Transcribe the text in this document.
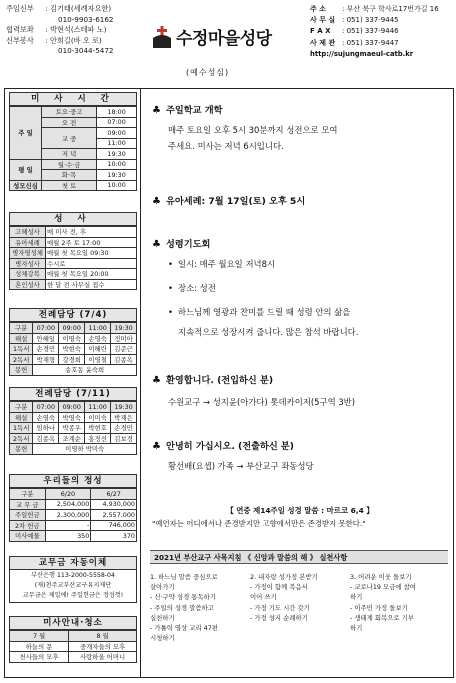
주임신부 : 김기태(세례자요한)
010-9903-6162
협력보좌 : 박현석(스테파 노)
신부봉사 : 안희길(바 오 로)
010-3044-5472
수정마을성당
(예수성심)
주 소 : 부산 북구 학사로17번가길 16
사 무 실 : 051) 337-9445
F A X : 051) 337-9446
사 제 관 : 051) 337-9447
http://sujungmaeul-catb.kr
미 사 시 간
주 일	토요·중고	18:00
	오 전	07:00
	교 중	09:00
		11:00
	저 녁	19:30
평 일	월·수·금	10:00
	화·목	19:30
성모신심	첫 토	10:00
성 사
고해성사	매 미사 전, 후
유아세례	매월 2주 토 17:00
병자영성체	매월 첫 목요일 09:30
병자성사	수시로
성체강복	매월 첫 목요일 20:00
혼인성사	한 달 전 사무실 접수
전례담당 (7/4)
구분	07:00	09:00	11:00	19:30
해설	안혜일	이명숙	손영숙	정미아
1독서	손경민	박현숙	이혜란	김준근
2독서	박재형	강경희	이영철	김종옥
봉헌	송호동 윤숙희			
전례담당 (7/11)
구분	07:00	09:00	11:00	19:30
해설	손영숙	박영숙	이미숙	박재은
1독서	임하나	박종우	박현호	손경민
2독서	김종옥	조계순	홍정선	김보경
봉헌	이영하 박미숙			
우리들의 정성
구분	6/20	6/27
교 무 금	2,504,000	4,930,000
주일헌금	2,300,000	2,557,000
2차 헌금	-	746,000
미사예물	350	370
교무금 자동이체
부산은행 113-2000-5558-04
(재)천주교부산교구유지재단
교무금은 제일에! 주일헌금은 정성껏!
미사안내·청소
7 월	8 월
하늘의 문	중개자들의 모후
천사들의 모후	사랑하올 어머니
♣ 주일학교 개학
매주 토요일 오후 5시 30분까지 성전으로 모여
주세요. 미사는 저녁 6시입니다.
♣ 유아세례: 7월 17일(토) 오후 5시
♣ 성령기도회
• 일시: 매주 월요일 저녁8시
• 장소: 성전
• 하느님께 영광과 찬미를 드릴 때 성령 안의 삶을
지속적으로 성장시켜 줍니다. 많은 참석 바랍니다.
♣ 환영합니다. (전입하신 분)
수원교구 → 성지윤(아가다) 톳데카이저(5구역 3반)
♣ 안녕히 가십시오. (전출하신 분)
황선배(요셉) 가족 → 부산교구 좌동성당
【 연중 제14주일 성경 말씀 : 마르코 6,4 】
"예언자는 어디에서나 존경받지만 고향에서만은 존경받지 못한다."
2021년 부산교구 사목지침 《 신앙과 말씀의 해 》 실천사항
1. 하느님 말씀 중심으로
살아가기
- 신·구약 성경 통독하기
- 주일의 성경 말씀하고
실천하기
- 가톨릭 영상 교리 47편
시청하기
2. 내자랑 성가정 본받기
- 가정이 함께 복음서
이어 쓰기
- 가정 기도 시간 갖기
- 가정 성지 순례하기
3. 어려운 이웃 돌보기
- 코로나19 모금에 참여
하기
- 이주민 가정 돌보기
- 생태계 회복으로 기부
하기
